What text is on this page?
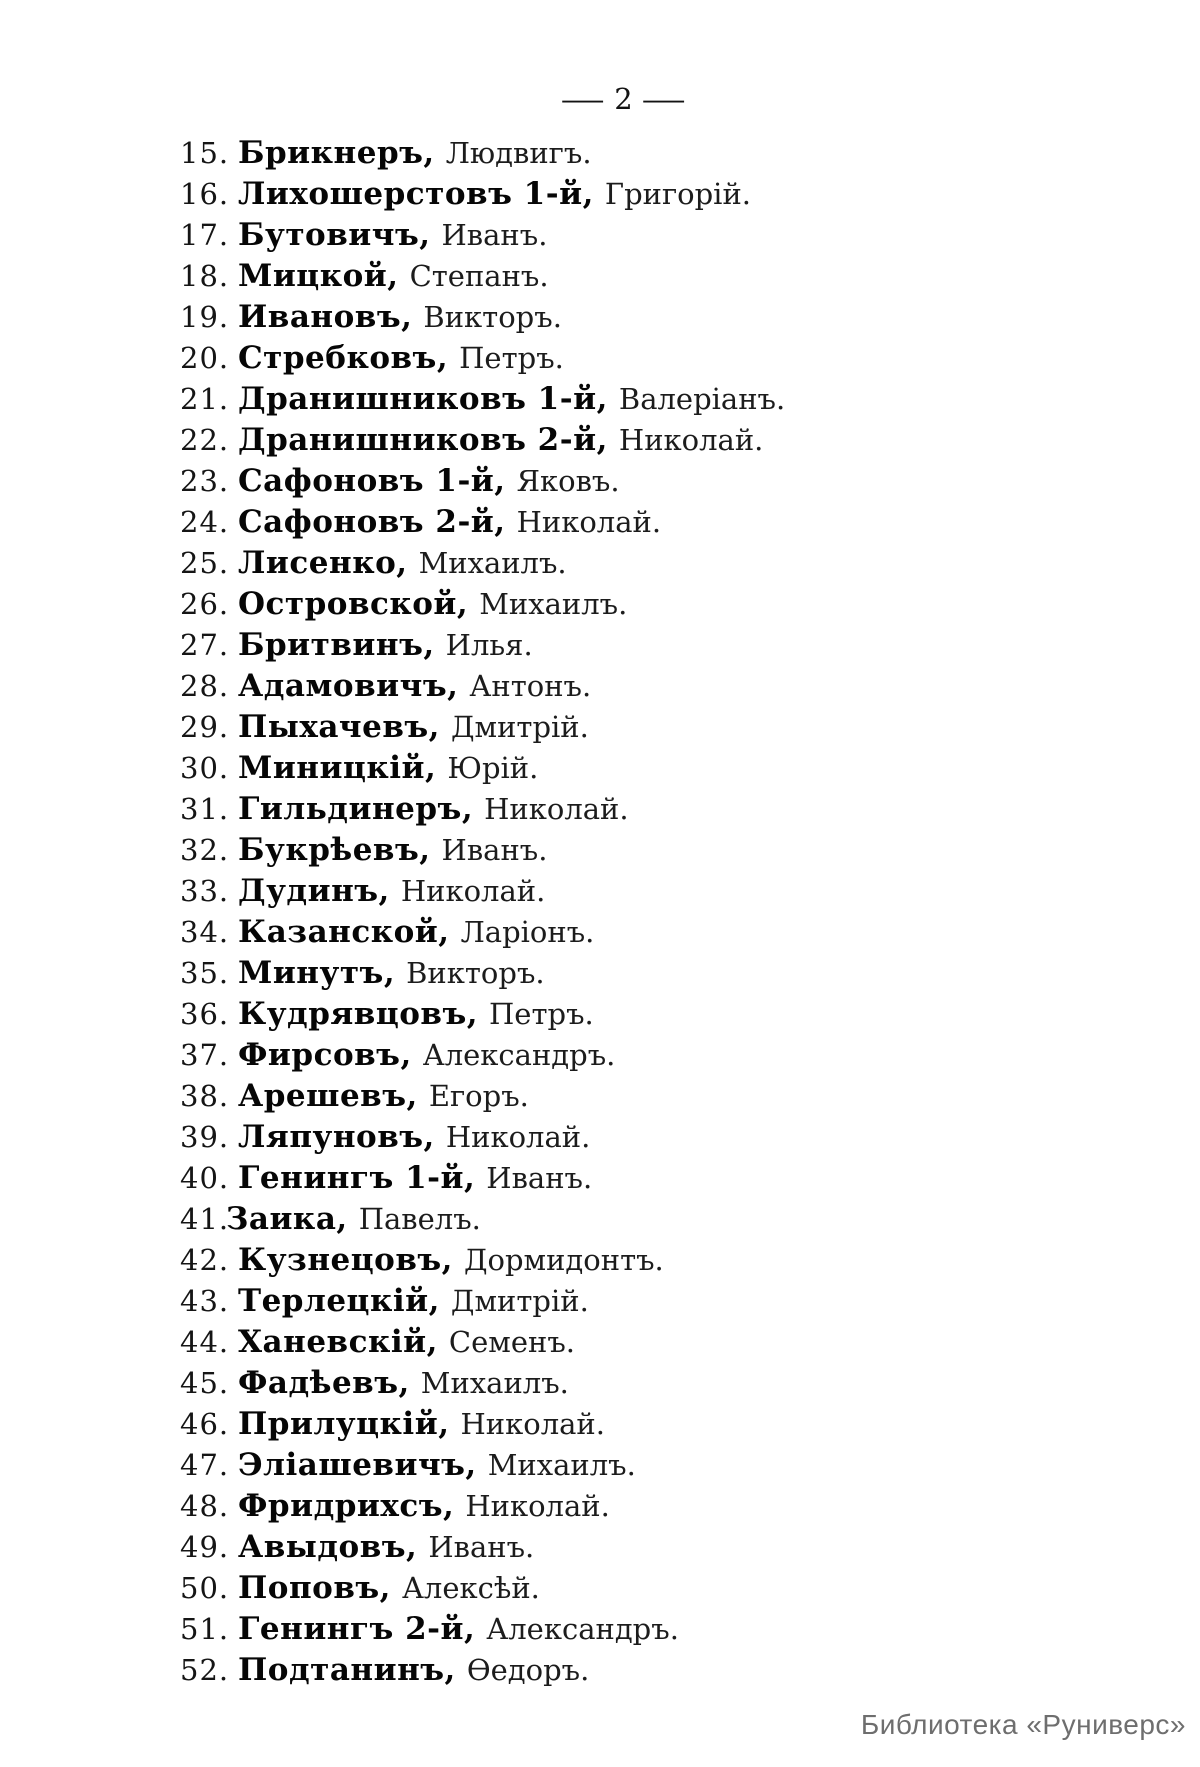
— 2 —
15. Брикнеръ, Людвигъ.
16. Лихошерстовъ 1-й, Григорій.
17. Бутовичъ, Иванъ.
18. Мицкой, Степанъ.
19. Ивановъ, Викторъ.
20. Стребковъ, Петръ.
21. Дранишниковъ 1-й, Валеріанъ.
22. Дранишниковъ 2-й, Николай.
23. Сафоновъ 1-й, Яковъ.
24. Сафоновъ 2-й, Николай.
25. Лисенко, Михаилъ.
26. Островской, Михаилъ.
27. Бритвинъ, Илья.
28. Адамовичъ, Антонъ.
29. Пыхачевъ, Дмитрій.
30. Миницкій, Юрій.
31. Гильдинеръ, Николай.
32. Букрѣевъ, Иванъ.
33. Дудинъ, Николай.
34. Казанской, Ларіонъ.
35. Минутъ, Викторъ.
36. Кудрявцовъ, Петръ.
37. Фирсовъ, Александръ.
38. Арешевъ, Егоръ.
39. Ляпуновъ, Николай.
40. Генингъ 1-й, Иванъ.
41.Заика, Павелъ.
42. Кузнецовъ, Дормидонтъ.
43. Терлецкій, Дмитрій.
44. Ханевскій, Семенъ.
45. Фадѣевъ, Михаилъ.
46. Прилуцкій, Николай.
47. Эліашевичъ, Михаилъ.
48. Фридрихсъ, Николай.
49. Авыдовъ, Иванъ.
50. Поповъ, Алексѣй.
51. Генингъ 2-й, Александръ.
52. Подтанинъ, Ѳедоръ.
Библиотека «Руниверс»
